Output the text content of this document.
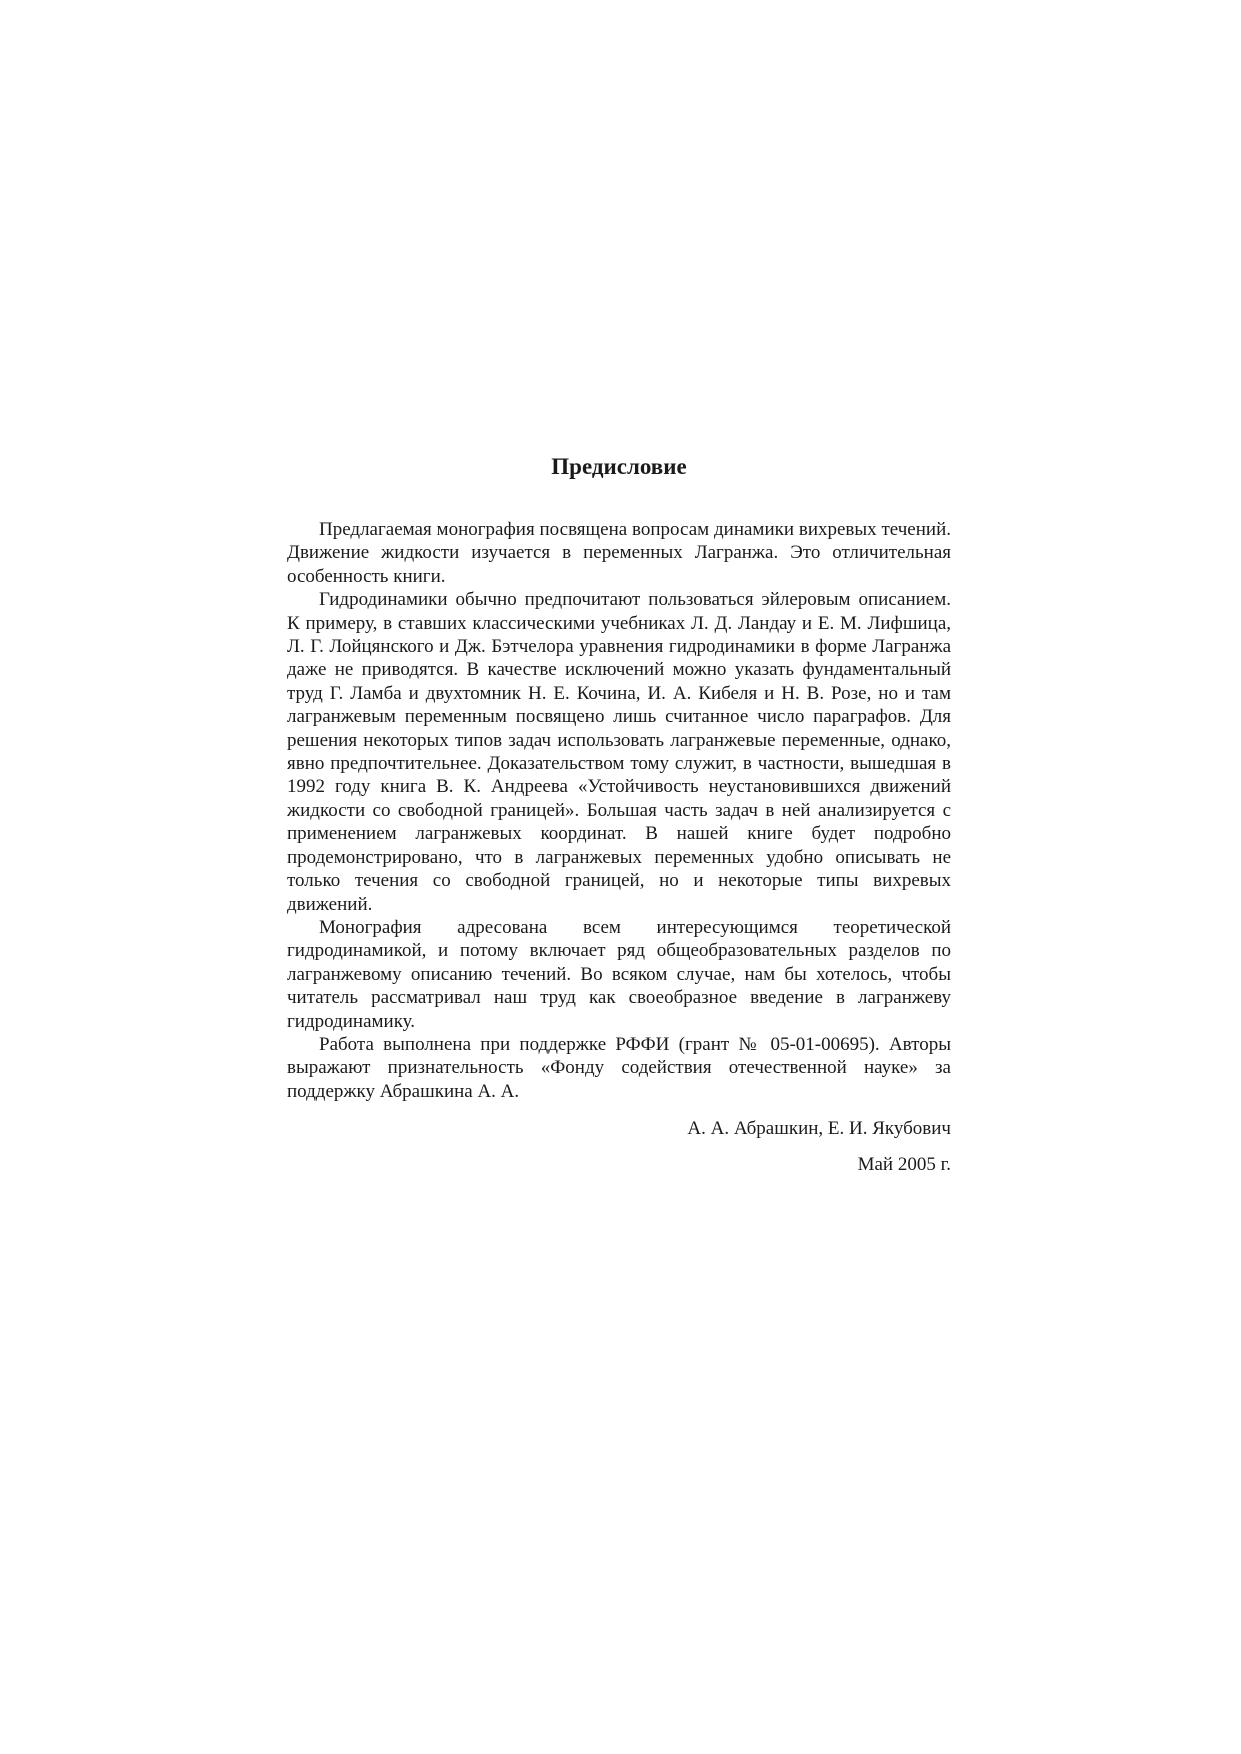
Предисловие

Предлагаемая монография посвящена вопросам динамики вихревых течений. Движение жидкости изучается в переменных Лагранжа. Это отличительная особенность книги.

Гидродинамики обычно предпочитают пользоваться эйлеровым описанием. К примеру, в ставших классическими учебниках Л. Д. Ландау и Е. М. Лифшица, Л. Г. Лойцянского и Дж. Бэтчелора уравнения гидродинамики в форме Лагранжа даже не приводятся. В качестве исключений можно указать фундаментальный труд Г. Ламба и двухтомник Н. Е. Кочина, И. А. Кибеля и Н. В. Розе, но и там лагранжевым переменным посвящено лишь считанное число параграфов. Для решения некоторых типов задач использовать лагранжевые переменные, однако, явно предпочтительнее. Доказательством тому служит, в частности, вышедшая в 1992 году книга В. К. Андреева «Устойчивость неустановившихся движений жидкости со свободной границей». Большая часть задач в ней анализируется с применением лагранжевых координат. В нашей книге будет подробно продемонстрировано, что в лагранжевых переменных удобно описывать не только течения со свободной границей, но и некоторые типы вихревых движений.

Монография адресована всем интересующимся теоретической гидродинамикой, и потому включает ряд общеобразовательных разделов по лагранжевому описанию течений. Во всяком случае, нам бы хотелось, чтобы читатель рассматривал наш труд как своеобразное введение в лагранжеву гидродинамику.

Работа выполнена при поддержке РФФИ (грант № 05-01-00695). Авторы выражают признательность «Фонду содействия отечественной науке» за поддержку Абрашкина А. А.

А. А. Абрашкин, Е. И. Якубович

Май 2005 г.
